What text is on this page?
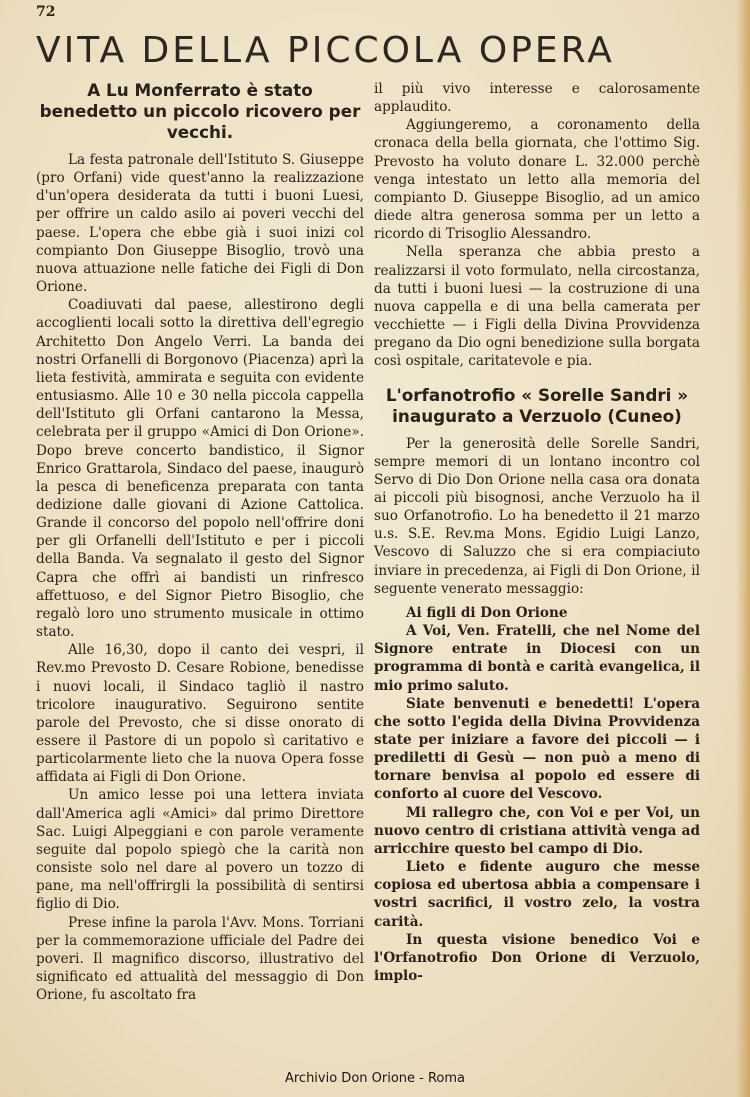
72
VITA DELLA PICCOLA OPERA
A Lu Monferrato è stato benedetto un piccolo ricovero per vecchi.

La festa patronale dell'Istituto S. Giuseppe (pro Orfani) vide quest'anno la realizzazione d'un'opera desiderata da tutti i buoni Luesi, per offrire un caldo asilo ai poveri vecchi del paese. L'opera che ebbe già i suoi inizi col compianto Don Giuseppe Bisoglio, trovò una nuova attuazione nelle fatiche dei Figli di Don Orione.

Coadiuvati dal paese, allestirono degli accoglienti locali sotto la direttiva dell'egregio Architetto Don Angelo Verri. La banda dei nostri Orfanelli di Borgonovo (Piacenza) aprì la lieta festività, ammirata e seguita con evidente entusiasmo. Alle 10 e 30 nella piccola cappella dell'Istituto gli Orfani cantarono la Messa, celebrata per il gruppo «Amici di Don Orione». Dopo breve concerto bandistico, il Signor Enrico Grattarola, Sindaco del paese, inaugurò la pesca di beneficenza preparata con tanta dedizione dalle giovani di Azione Cattolica. Grande il concorso del popolo nell'offrire doni per gli Orfanelli dell'Istituto e per i piccoli della Banda. Va segnalato il gesto del Signor Capra che offrì ai bandisti un rinfresco affettuoso, e del Signor Pietro Bisoglio, che regalò loro uno strumento musicale in ottimo stato.

Alle 16,30, dopo il canto dei vespri, il Rev.mo Prevosto D. Cesare Robione, benedisse i nuovi locali, il Sindaco tagliò il nastro tricolore inaugurativo. Seguirono sentite parole del Prevosto, che si disse onorato di essere il Pastore di un popolo sì caritativo e particolarmente lieto che la nuova Opera fosse affidata ai Figli di Don Orione.

Un amico lesse poi una lettera inviata dall'America agli «Amici» dal primo Direttore Sac. Luigi Alpeggiani e con parole veramente seguite dal popolo spiegò che la carità non consiste solo nel dare al povero un tozzo di pane, ma nell'offrirgli la possibilità di sentirsi figlio di Dio.

Prese infine la parola l'Avv. Mons. Torriani per la commemorazione ufficiale del Padre dei poveri. Il magnifico discorso, illustrativo del significato ed attualità del messaggio di Don Orione, fu ascoltato fra

il più vivo interesse e calorosamente applaudito.

Aggiungeremo, a coronamento della cronaca della bella giornata, che l'ottimo Sig. Prevosto ha voluto donare L. 32.000 perchè venga intestato un letto alla memoria del compianto D. Giuseppe Bisoglio, ad un amico diede altra generosa somma per un letto a ricordo di Trisoglio Alessandro.

Nella speranza che abbia presto a realizzarsi il voto formulato, nella circostanza, da tutti i buoni luesi — la costruzione di una nuova cappella e di una bella camerata per vecchiette — i Figli della Divina Provvidenza pregano da Dio ogni benedizione sulla borgata così ospitale, caritatevole e pia.

L'orfanotrofio « Sorelle Sandri » inaugurato a Verzuolo (Cuneo)

Per la generosità delle Sorelle Sandri, sempre memori di un lontano incontro col Servo di Dio Don Orione nella casa ora donata ai piccoli più bisognosi, anche Verzuolo ha il suo Orfanotrofio. Lo ha benedetto il 21 marzo u.s. S.E. Rev.ma Mons. Egidio Luigi Lanzo, Vescovo di Saluzzo che si era compiaciuto inviare in precedenza, ai Figli di Don Orione, il seguente venerato messaggio:

Ai figli di Don Orione

A Voi, Ven. Fratelli, che nel Nome del Signore entrate in Diocesi con un programma di bontà e carità evangelica, il mio primo saluto.

Siate benvenuti e benedetti! L'opera che sotto l'egida della Divina Provvidenza state per iniziare a favore dei piccoli — i prediletti di Gesù — non può a meno di tornare benvisa al popolo ed essere di conforto al cuore del Vescovo.

Mi rallegro che, con Voi e per Voi, un nuovo centro di cristiana attività venga ad arricchire questo bel campo di Dio.

Lieto e fidente auguro che messe copiosa ed ubertosa abbia a compensare i vostri sacrifici, il vostro zelo, la vostra carità.

In questa visione benedico Voi e l'Orfanotrofio Don Orione di Verzuolo, implo-

Archivio Don Orione - Roma
